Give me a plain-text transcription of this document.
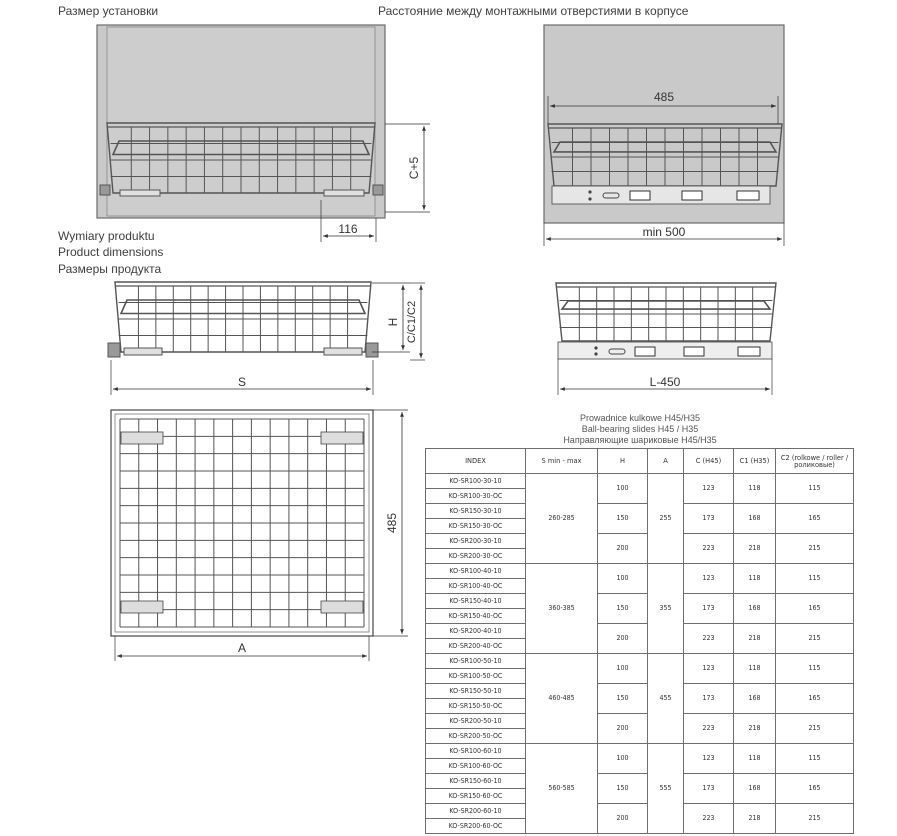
Размер установки	Расстояние между монтажными отверстиями в корпусе
Wymiary produktu
Product dimensions
Размеры продукта
C+5
116
485
min 500
H C/C1/C2
S	L-450
A
485
Prowadnice kulkowe H45/H35
Ball-bearing slides H45 / H35
Направляющие шариковые H45/H35
INDEX	S min - max	H	A	C (H45)	C1 (H35)	C2 (rolkowe / roller / роликовые)
KO-SR100-30-10	260-285	100	255	123	118	115
KO-SR100-30-OC						
KO-SR150-30-10		150		173	168	165
KO-SR150-30-OC						
KO-SR200-30-10		200		223	218	215
KO-SR200-30-OC						
KO-SR100-40-10	360-385	100	355	123	118	115
KO-SR100-40-OC						
KO-SR150-40-10		150		173	168	165
KO-SR150-40-OC						
KO-SR200-40-10		200		223	218	215
KO-SR200-40-OC						
KO-SR100-50-10	460-485	100	455	123	118	115
KO-SR100-50-OC						
KO-SR150-50-10		150		173	168	165
KO-SR150-50-OC						
KO-SR200-50-10		200		223	218	215
KO-SR200-50-OC						
KO-SR100-60-10	560-585	100	555	123	118	115
KO-SR100-60-OC						
KO-SR150-60-10		150		173	168	165
KO-SR150-60-OC						
KO-SR200-60-10		200		223	218	215
KO-SR200-60-OC						
